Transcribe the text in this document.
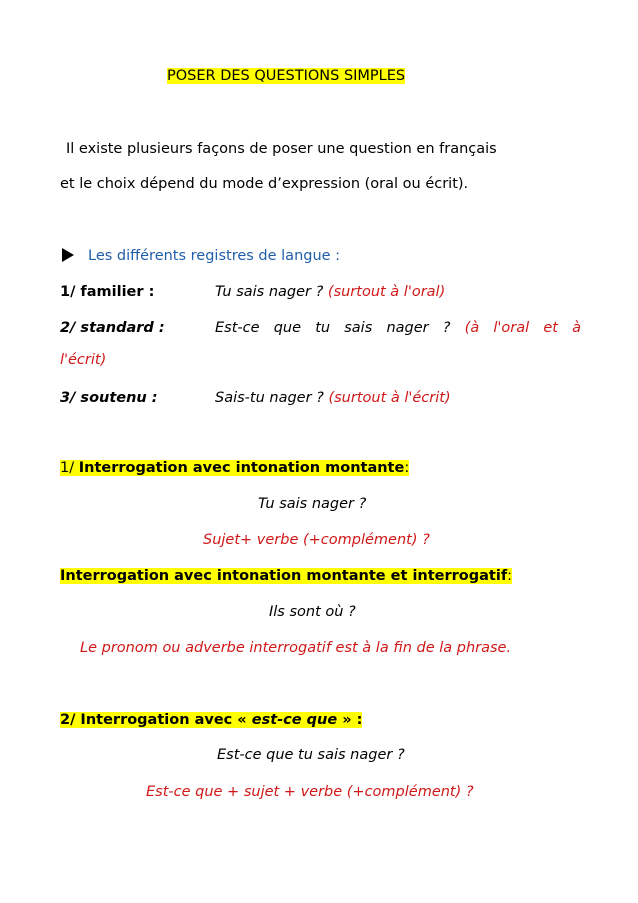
POSER DES QUESTIONS SIMPLES
Il existe plusieurs façons de poser une question en français
et le choix dépend du mode d’expression (oral ou écrit).
Les différents registres de langue :
1/ familier :	Tu sais nager ? (surtout à l'oral)
2/ standard :	Est-ce que tu sais nager ? (à l'oral et à
l'écrit)
3/ soutenu :	Sais-tu nager ? (surtout à l'écrit)
1/ Interrogation avec intonation montante:
Tu sais nager ?
Sujet+ verbe (+complément) ?
Interrogation avec intonation montante et interrogatif:
Ils sont où ?
Le pronom ou adverbe interrogatif est à la fin de la phrase.
2/ Interrogation avec « est-ce que » :
Est-ce que tu sais nager ?
Est-ce que + sujet + verbe (+complément) ?
